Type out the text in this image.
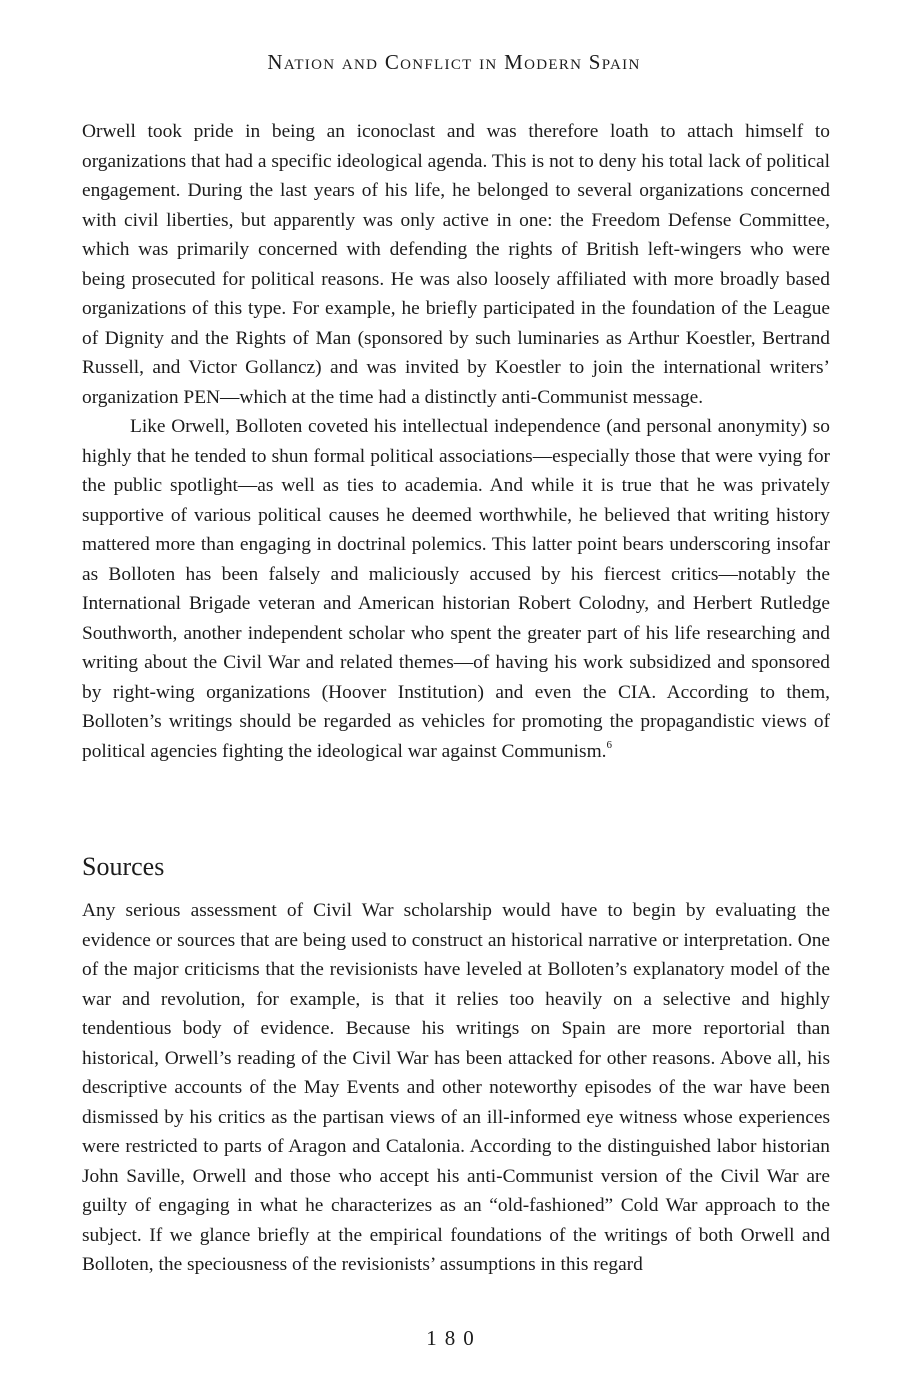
Nation and Conflict in Modern Spain

Orwell took pride in being an iconoclast and was therefore loath to attach himself to organizations that had a specific ideological agenda. This is not to deny his total lack of political engagement. During the last years of his life, he belonged to several organizations concerned with civil liberties, but apparently was only active in one: the Freedom Defense Committee, which was primarily concerned with defending the rights of British left-wingers who were being prosecuted for political reasons. He was also loosely affiliated with more broadly based organizations of this type. For example, he briefly participated in the foundation of the League of Dignity and the Rights of Man (sponsored by such luminaries as Arthur Koestler, Bertrand Russell, and Victor Gollancz) and was invited by Koestler to join the international writers’ organization PEN—which at the time had a distinctly anti-Communist message.

Like Orwell, Bolloten coveted his intellectual independence (and personal anonymity) so highly that he tended to shun formal political associations—especially those that were vying for the public spotlight—as well as ties to academia. And while it is true that he was privately supportive of various political causes he deemed worthwhile, he believed that writing history mattered more than engaging in doctrinal polemics. This latter point bears underscoring insofar as Bolloten has been falsely and maliciously accused by his fiercest critics—notably the International Brigade veteran and American historian Robert Colodny, and Herbert Rutledge Southworth, another independent scholar who spent the greater part of his life researching and writing about the Civil War and related themes—of having his work subsidized and sponsored by right-wing organizations (Hoover Institution) and even the CIA. According to them, Bolloten’s writings should be regarded as vehicles for promoting the propagandistic views of political agencies fighting the ideological war against Communism.$^6$

Sources

Any serious assessment of Civil War scholarship would have to begin by evaluating the evidence or sources that are being used to construct an historical narrative or interpretation. One of the major criticisms that the revisionists have leveled at Bolloten’s explanatory model of the war and revolution, for example, is that it relies too heavily on a selective and highly tendentious body of evidence. Because his writings on Spain are more reportorial than historical, Orwell’s reading of the Civil War has been attacked for other reasons. Above all, his descriptive accounts of the May Events and other noteworthy episodes of the war have been dismissed by his critics as the partisan views of an ill-informed eye witness whose experiences were restricted to parts of Aragon and Catalonia. According to the distinguished labor historian John Saville, Orwell and those who accept his anti-Communist version of the Civil War are guilty of engaging in what he characterizes as an “old-fashioned” Cold War approach to the subject. If we glance briefly at the empirical foundations of the writings of both Orwell and Bolloten, the speciousness of the revisionists’ assumptions in this regard

180
